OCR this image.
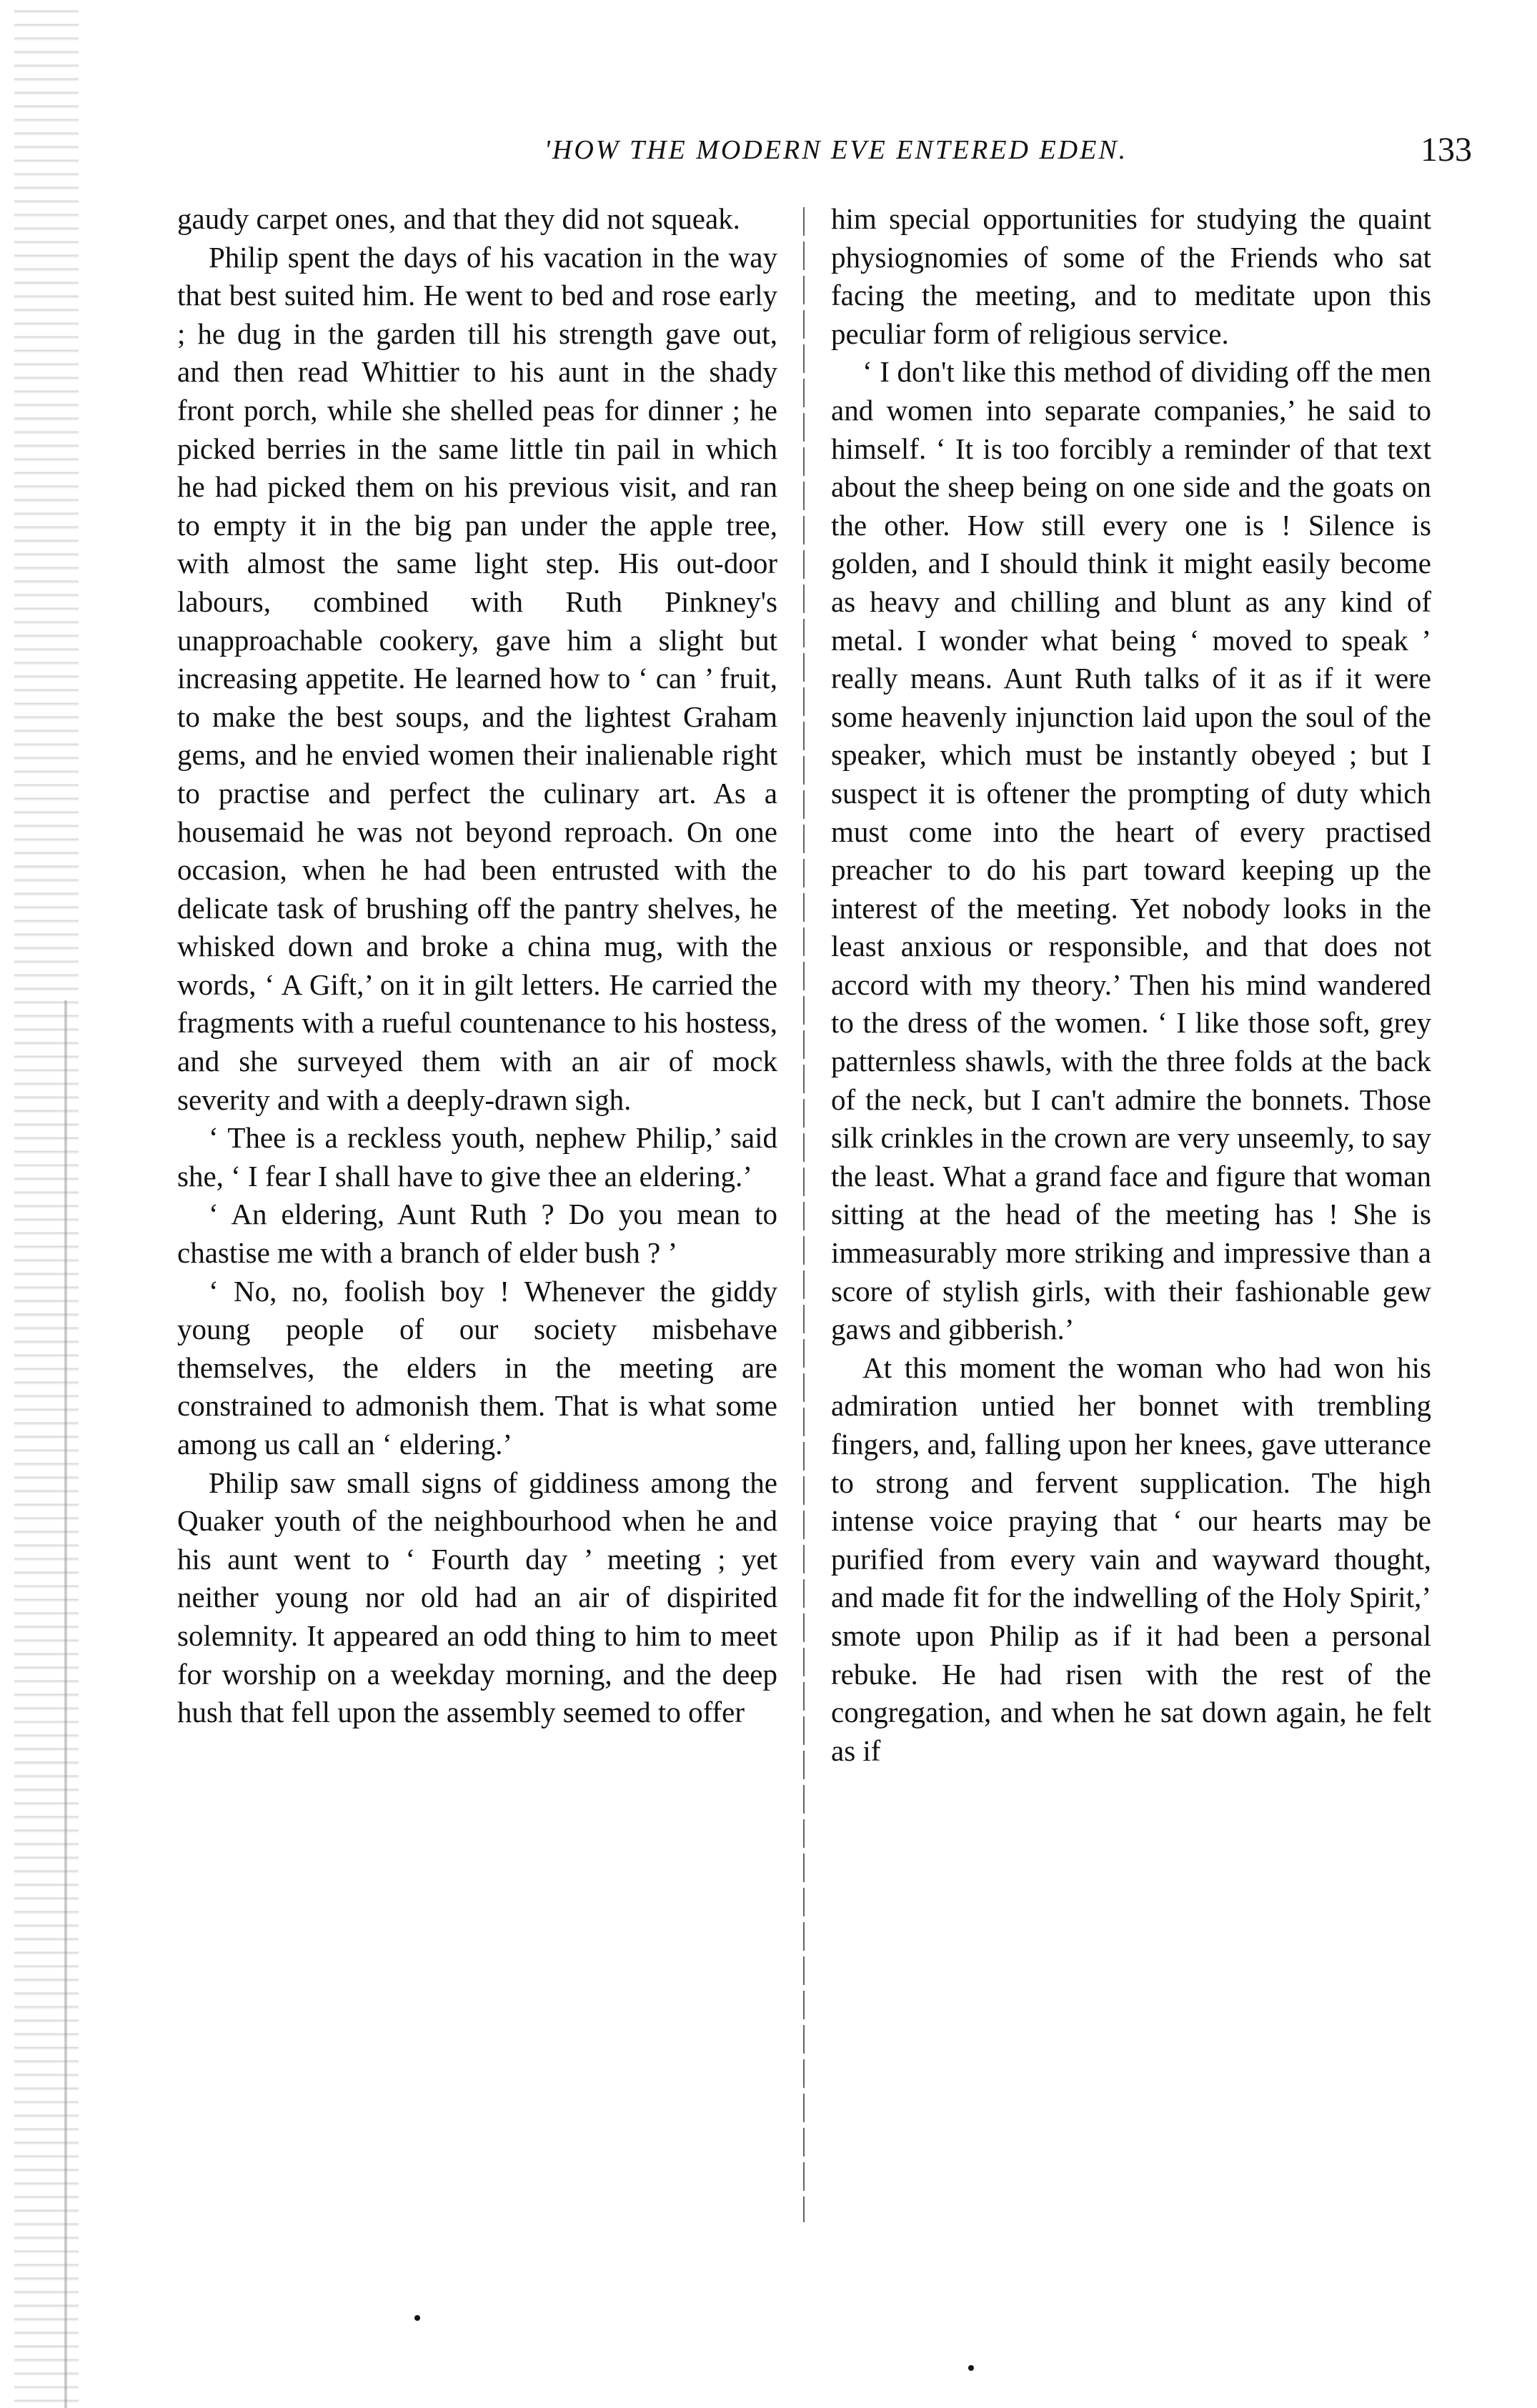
'HOW THE MODERN EVE ENTERED EDEN.	133

gaudy carpet ones, and that they did not squeak.

Philip spent the days of his vacation in the way that best suited him. He went to bed and rose early ; he dug in the garden till his strength gave out, and then read Whittier to his aunt in the shady front porch, while she shelled peas for dinner ; he picked berries in the same little tin pail in which he had picked them on his previous visit, and ran to empty it in the big pan under the apple tree, with almost the same light step. His out-door labours, combined with Ruth Pinkney's unapproachable cookery, gave him a slight but increasing appetite. He learned how to ‘ can ’ fruit, to make the best soups, and the lightest Graham gems, and he envied women their inalienable right to practise and perfect the culinary art. As a housemaid he was not beyond reproach. On one occasion, when he had been entrusted with the delicate task of brushing off the pantry shelves, he whisked down and broke a china mug, with the words, ‘ A Gift,’ on it in gilt letters. He carried the fragments with a rueful countenance to his hostess, and she surveyed them with an air of mock severity and with a deeply-drawn sigh.

‘ Thee is a reckless youth, nephew Philip,’ said she, ‘ I fear I shall have to give thee an eldering.’

‘ An eldering, Aunt Ruth ? Do you mean to chastise me with a branch of elder bush ? ’

‘ No, no, foolish boy ! Whenever the giddy young people of our society misbehave themselves, the elders in the meeting are constrained to admonish them. That is what some among us call an ‘ eldering.’

Philip saw small signs of giddiness among the Quaker youth of the neighbourhood when he and his aunt went to ‘ Fourth day ’ meeting ; yet neither young nor old had an air of dispirited solemnity. It appeared an odd thing to him to meet for worship on a weekday morning, and the deep hush that fell upon the assembly seemed to offer

him special opportunities for studying the quaint physiognomies of some of the Friends who sat facing the meeting, and to meditate upon this peculiar form of religious service.

‘ I don't like this method of dividing off the men and women into separate companies,’ he said to himself. ‘ It is too forcibly a reminder of that text about the sheep being on one side and the goats on the other. How still every one is ! Silence is golden, and I should think it might easily become as heavy and chilling and blunt as any kind of metal. I wonder what being ‘ moved to speak ’ really means. Aunt Ruth talks of it as if it were some heavenly injunction laid upon the soul of the speaker, which must be instantly obeyed ; but I suspect it is oftener the prompting of duty which must come into the heart of every practised preacher to do his part toward keeping up the interest of the meeting. Yet nobody looks in the least anxious or responsible, and that does not accord with my theory.’ Then his mind wandered to the dress of the women. ‘ I like those soft, grey patternless shawls, with the three folds at the back of the neck, but I can't admire the bonnets. Those silk crinkles in the crown are very unseemly, to say the least. What a grand face and figure that woman sitting at the head of the meeting has ! She is immeasurably more striking and impressive than a score of stylish girls, with their fashionable gew gaws and gibberish.’

At this moment the woman who had won his admiration untied her bonnet with trembling fingers, and, falling upon her knees, gave utterance to strong and fervent supplication. The high intense voice praying that ‘ our hearts may be purified from every vain and wayward thought, and made fit for the indwelling of the Holy Spirit,’ smote upon Philip as if it had been a personal rebuke. He had risen with the rest of the congregation, and when he sat down again, he felt as if
